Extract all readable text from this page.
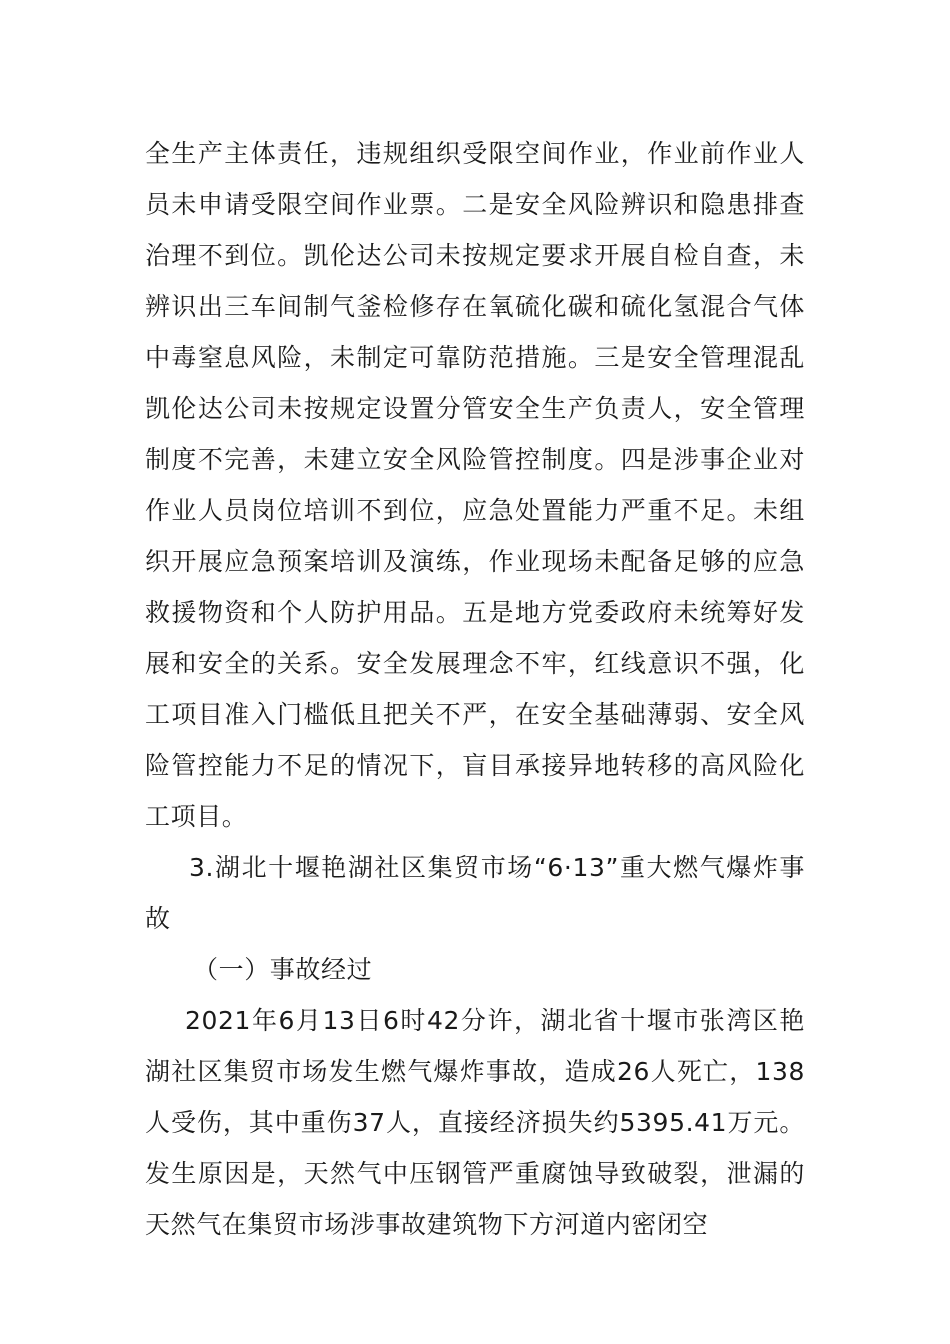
全生产主体责任，违规组织受限空间作业，作业前作业人员未申请受限空间作业票。二是安全风险辨识和隐患排查治理不到位。凯伦达公司未按规定要求开展自检自查，未辨识出三车间制气釜检修存在氧硫化碳和硫化氢混合气体中毒窒息风险，未制定可靠防范措施。三是安全管理混乱凯伦达公司未按规定设置分管安全生产负责人，安全管理制度不完善，未建立安全风险管控制度。四是涉事企业对作业人员岗位培训不到位，应急处置能力严重不足。未组织开展应急预案培训及演练，作业现场未配备足够的应急救援物资和个人防护用品。五是地方党委政府未统筹好发展和安全的关系。安全发展理念不牢，红线意识不强，化工项目准入门槛低且把关不严，在安全基础薄弱、安全风险管控能力不足的情况下，盲目承接异地转移的高风险化工项目。

3.湖北十堰艳湖社区集贸市场“6·13”重大燃气爆炸事故

（一）事故经过

2021年6月13日6时42分许，湖北省十堰市张湾区艳湖社区集贸市场发生燃气爆炸事故，造成26人死亡，138人受伤，其中重伤37人，直接经济损失约5395.41万元。发生原因是，天然气中压钢管严重腐蚀导致破裂，泄漏的天然气在集贸市场涉事故建筑物下方河道内密闭空
